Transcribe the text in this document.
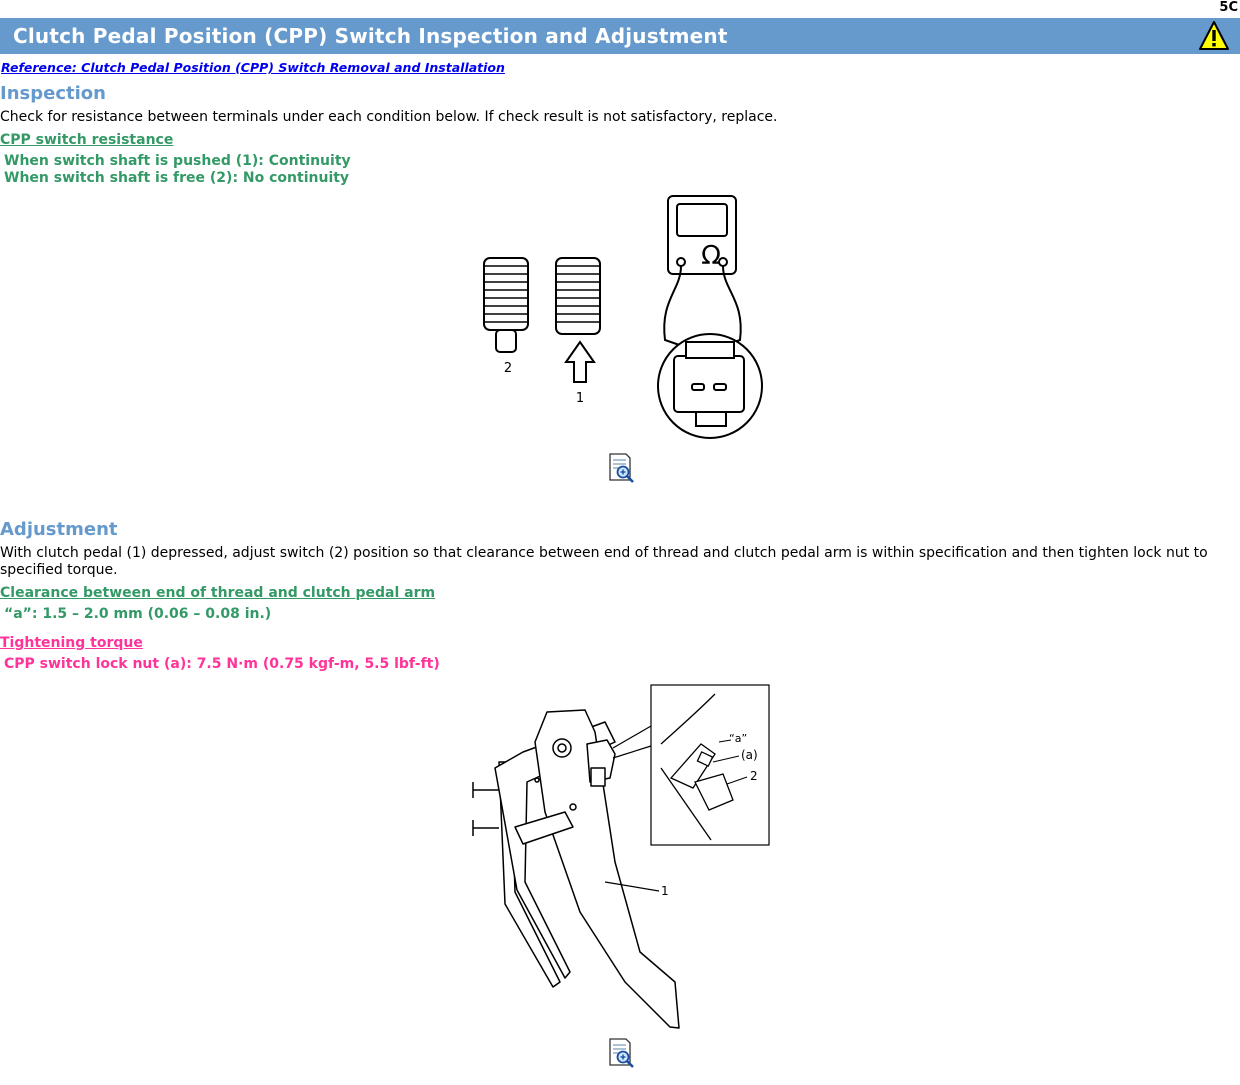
5C
Clutch Pedal Position (CPP) Switch Inspection and Adjustment
Reference: Clutch Pedal Position (CPP) Switch Removal and Installation
Inspection
Check for resistance between terminals under each condition below. If check result is not satisfactory, replace.
CPP switch resistance
When switch shaft is pushed (1): Continuity
When switch shaft is free (2): No continuity
Ω
2
1
Adjustment
With clutch pedal (1) depressed, adjust switch (2) position so that clearance between end of thread and clutch pedal arm is within specification and then tighten lock nut to specified torque.
Clearance between end of thread and clutch pedal arm
“a”: 1.5 – 2.0 mm (0.06 – 0.08 in.)
Tightening torque
CPP switch lock nut (a): 7.5 N·m (0.75 kgf-m, 5.5 lbf-ft)
1
“a”
(a)
2
